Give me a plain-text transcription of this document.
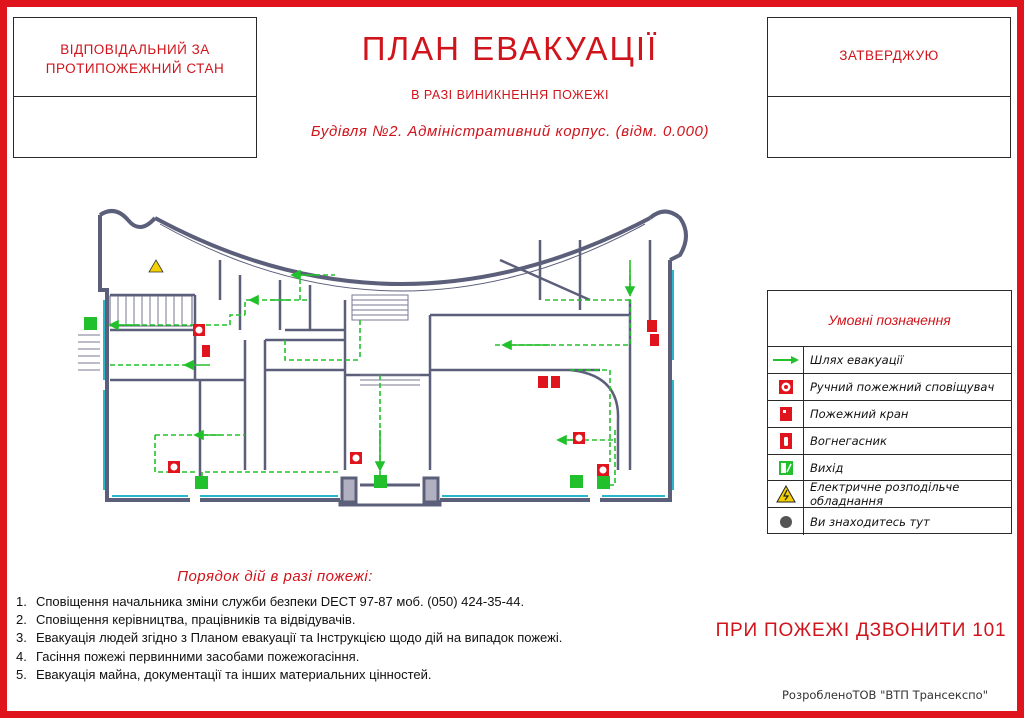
ВІДПОВІДАЛЬНИЙ ЗА
ПРОТИПОЖЕЖНИЙ СТАН
ЗАТВЕРДЖУЮ
ПЛАН ЕВАКУАЦІЇ
В РАЗІ ВИНИКНЕННЯ ПОЖЕЖІ
Будівля №2. Адміністративний корпус. (відм. 0.000)
Умовні позначення
Шлях евакуації
Ручний пожежний сповіщувач
Пожежний кран
Вогнегасник
Вихід
Електричне розподільче обладнання
Ви знаходитесь тут
Порядок дій в разі пожежі:
1. Сповіщення начальника зміни служби безпеки DECT 97-87 моб. (050) 424-35-44.
2. Сповіщення керівництва, працівників та відвідувачів.
3. Евакуація людей згідно з Планом евакуації та Інструкцією щодо дій на випадок пожежі.
4. Гасіння пожежі первинними засобами пожежогасіння.
5. Евакуація майна, документації та інших материальних цінностей.
ПРИ ПОЖЕЖІ ДЗВОНИТИ 101
РозробленоТОВ "ВТП Трансекспо"
